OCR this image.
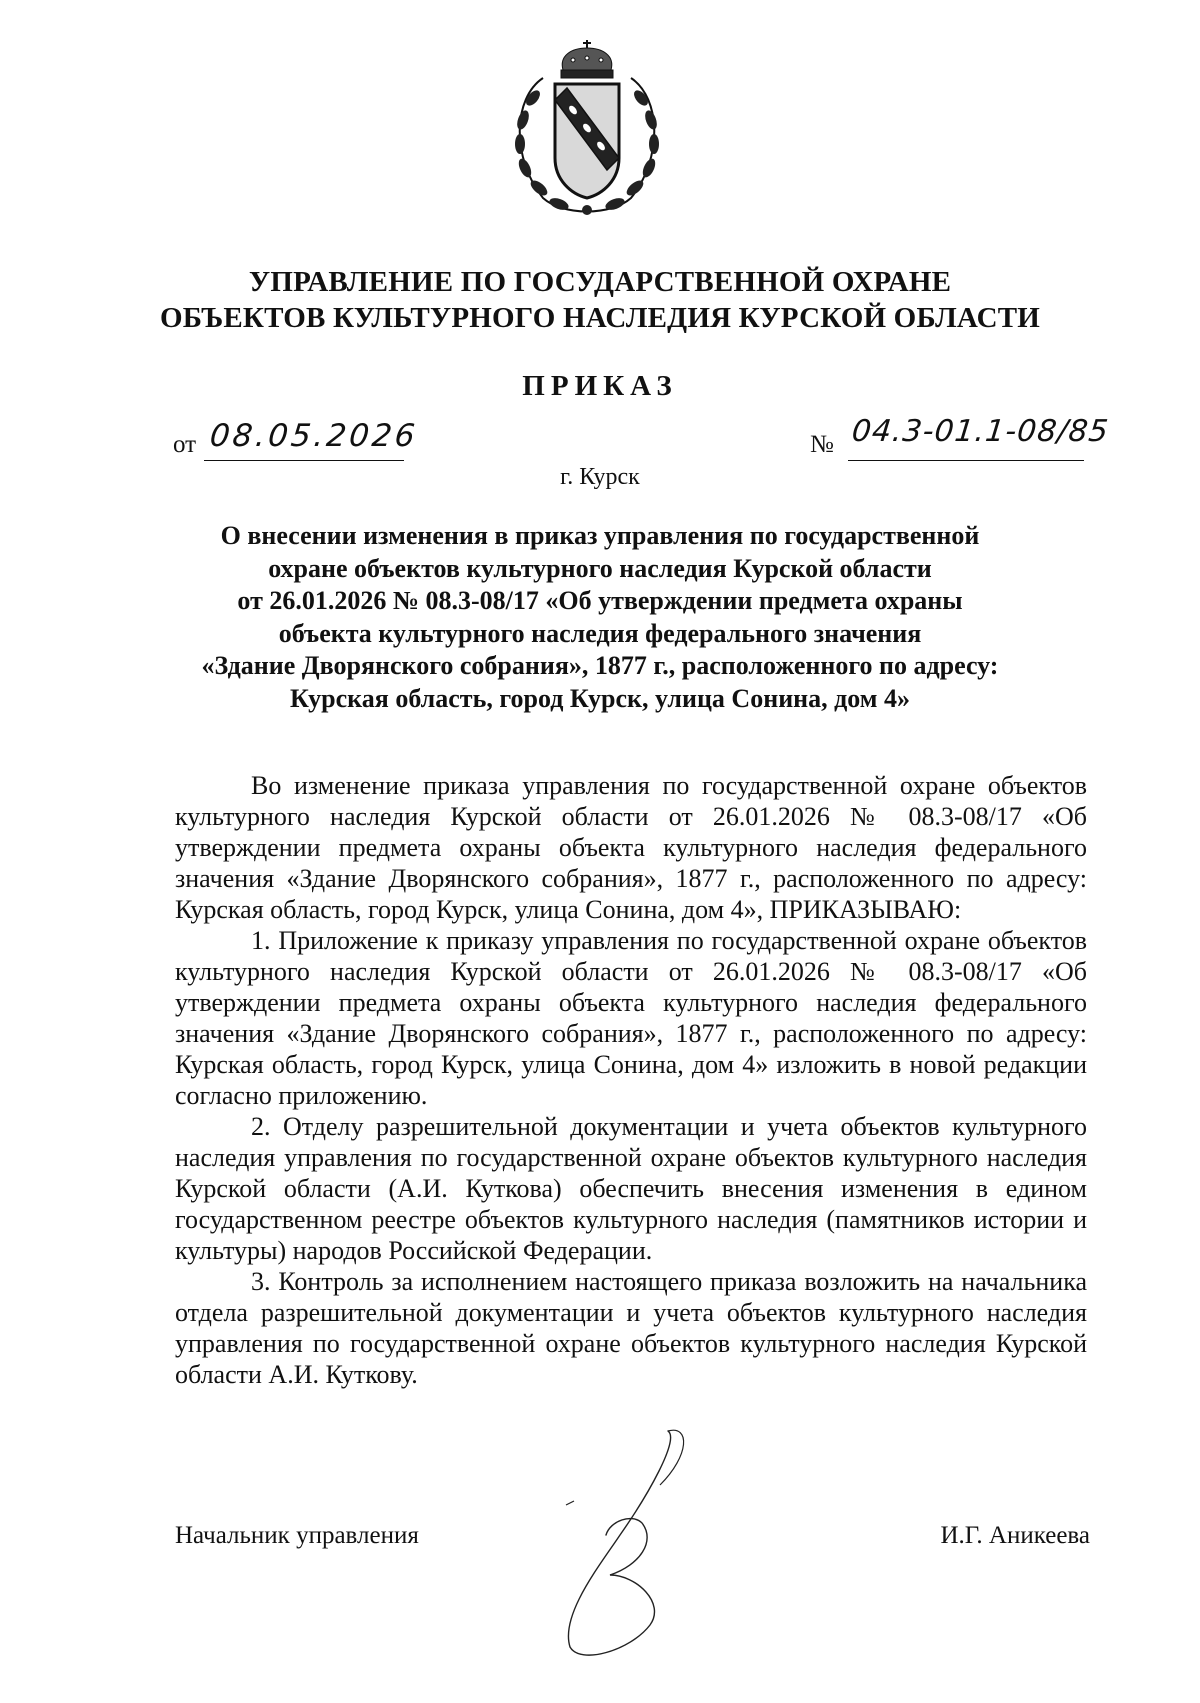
УПРАВЛЕНИЕ ПО ГОСУДАРСТВЕННОЙ ОХРАНЕ
ОБЪЕКТОВ КУЛЬТУРНОГО НАСЛЕДИЯ КУРСКОЙ ОБЛАСТИ
ПРИКАЗ
от 08.05.2026
г. Курск
№ 04.3-01.1-08/85
О внесении изменения в приказ управления по государственной
охране объектов культурного наследия Курской области
от 26.01.2026 № 08.3-08/17 «Об утверждении предмета охраны
объекта культурного наследия федерального значения
«Здание Дворянского собрания», 1877 г., расположенного по адресу:
Курская область, город Курск, улица Сонина, дом 4»

Во изменение приказа управления по государственной охране объектов культурного наследия Курской области от 26.01.2026 № 08.3-08/17 «Об утверждении предмета охраны объекта культурного наследия федерального значения «Здание Дворянского собрания», 1877 г., расположенного по адресу: Курская область, город Курск, улица Сонина, дом 4», ПРИКАЗЫВАЮ:

1. Приложение к приказу управления по государственной охране объектов культурного наследия Курской области от 26.01.2026 № 08.3-08/17 «Об утверждении предмета охраны объекта культурного наследия федерального значения «Здание Дворянского собрания», 1877 г., расположенного по адресу: Курская область, город Курск, улица Сонина, дом 4» изложить в новой редакции согласно приложению.

2. Отделу разрешительной документации и учета объектов культурного наследия управления по государственной охране объектов культурного наследия Курской области (А.И. Куткова) обеспечить внесения изменения в едином государственном реестре объектов культурного наследия (памятников истории и культуры) народов Российской Федерации.

3. Контроль за исполнением настоящего приказа возложить на начальника отдела разрешительной документации и учета объектов культурного наследия управления по государственной охране объектов культурного наследия Курской области А.И. Куткову.

Начальник управления	И.Г. Аникеева
